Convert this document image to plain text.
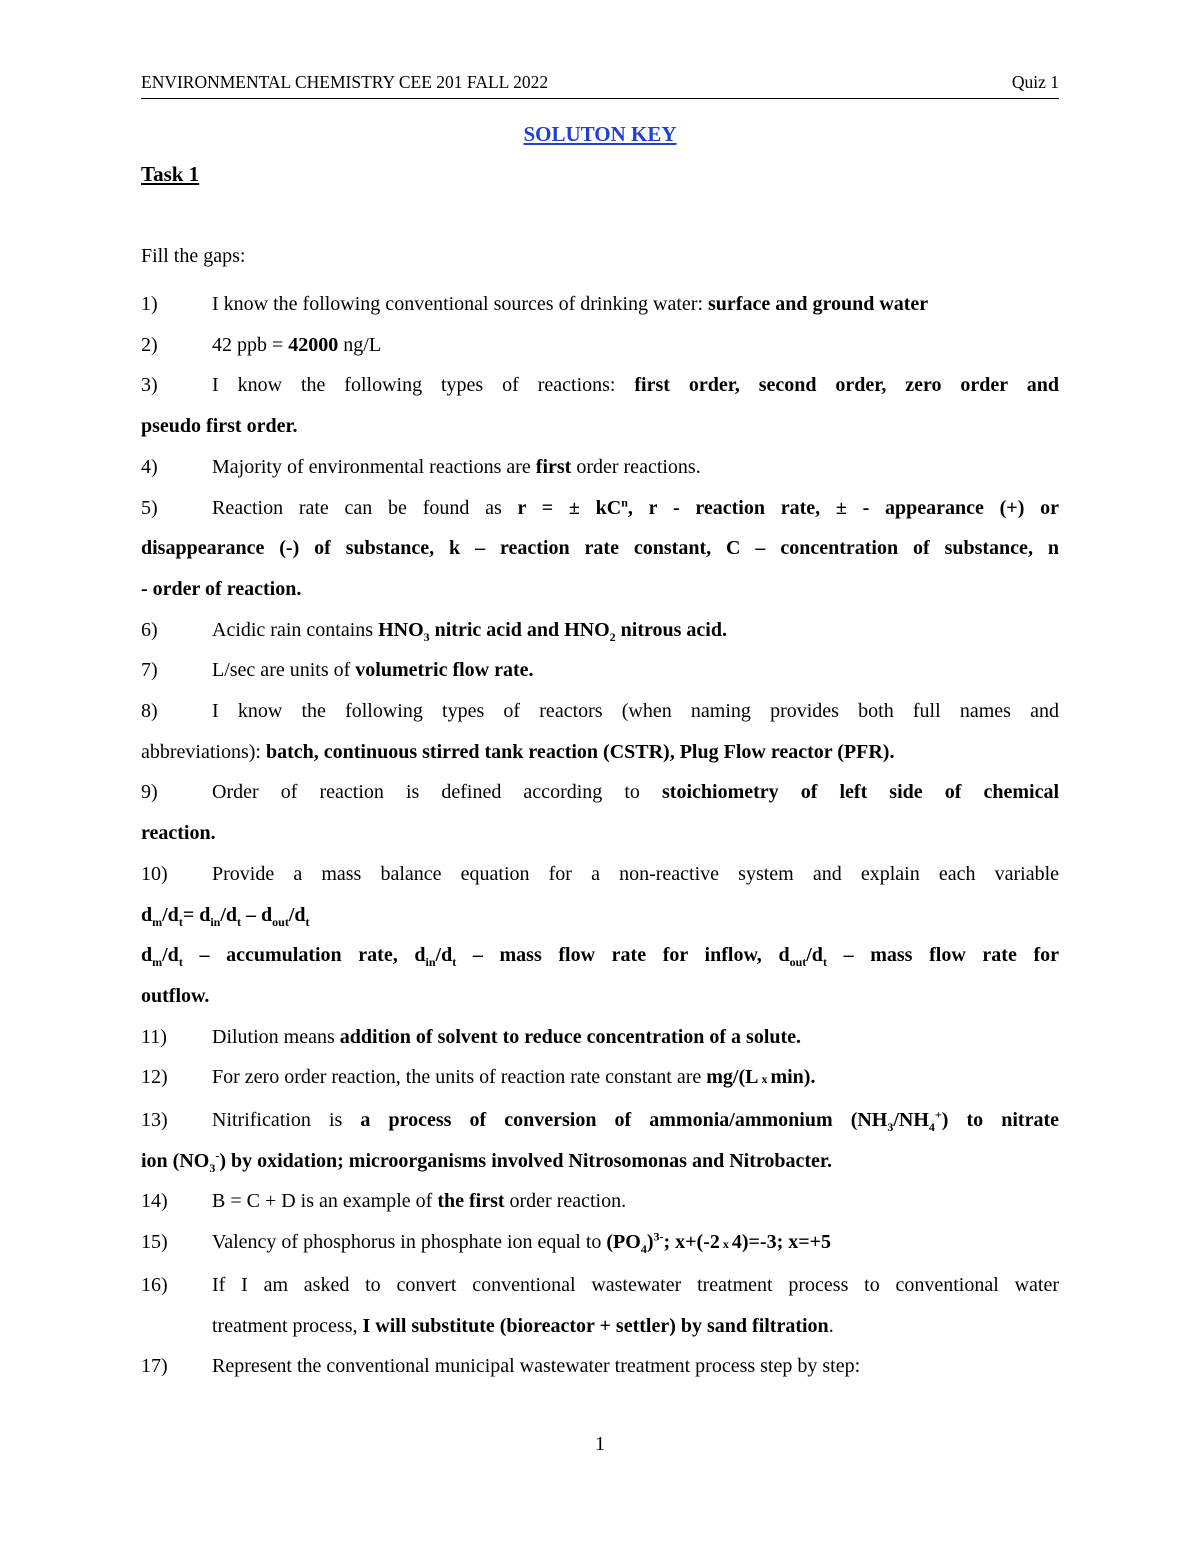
ENVIRONMENTAL CHEMISTRY CEE 201 FALL 2022	Quiz 1
SOLUTON KEY
Task 1
Fill the gaps:
1)	I know the following conventional sources of drinking water: surface and ground water
2)	42 ppb = 42000 ng/L
3)	I know the following types of reactions: first order, second order, zero order and
pseudo first order.
4)	Majority of environmental reactions are first order reactions.
5)	Reaction rate can be found as r = ± $kC^n$, r - reaction rate, ± - appearance (+) or
disappearance (-) of substance, k – reaction rate constant, C – concentration of substance, n
- order of reaction.
6)	Acidic rain contains $HNO_3$ nitric acid and $HNO_2$ nitrous acid.
7)	L/sec are units of volumetric flow rate.
8)	I know the following types of reactors (when naming provides both full names and
abbreviations): batch, continuous stirred tank reaction (CSTR), Plug Flow reactor (PFR).
9)	Order of reaction is defined according to stoichiometry of left side of chemical
reaction.
10)	Provide a mass balance equation for a non-reactive system and explain each variable
$d_m/d_t= d_{in}/d_t - d_{out}/d_t$
$d_m/d_t$ – accumulation rate, $d_{in}/d_t$ – mass flow rate for inflow, $d_{out}/d_t$ – mass flow rate for
outflow.
11)	Dilution means addition of solvent to reduce concentration of a solute.
12)	For zero order reaction, the units of reaction rate constant are mg/(L x min).
13)	Nitrification is a process of conversion of ammonia/ammonium $(NH_3/NH_4^+)$ to nitrate
ion $(NO_3^-)$ by oxidation; microorganisms involved Nitrosomonas and Nitrobacter.
14)	B = C + D is an example of the first order reaction.
15)	Valency of phosphorus in phosphate ion equal to $(PO_4)^{3-}$; x+(-2 x 4)=-3; x=+5
16)	If I am asked to convert conventional wastewater treatment process to conventional water
treatment process, I will substitute (bioreactor + settler) by sand filtration.
17)	Represent the conventional municipal wastewater treatment process step by step:
1
